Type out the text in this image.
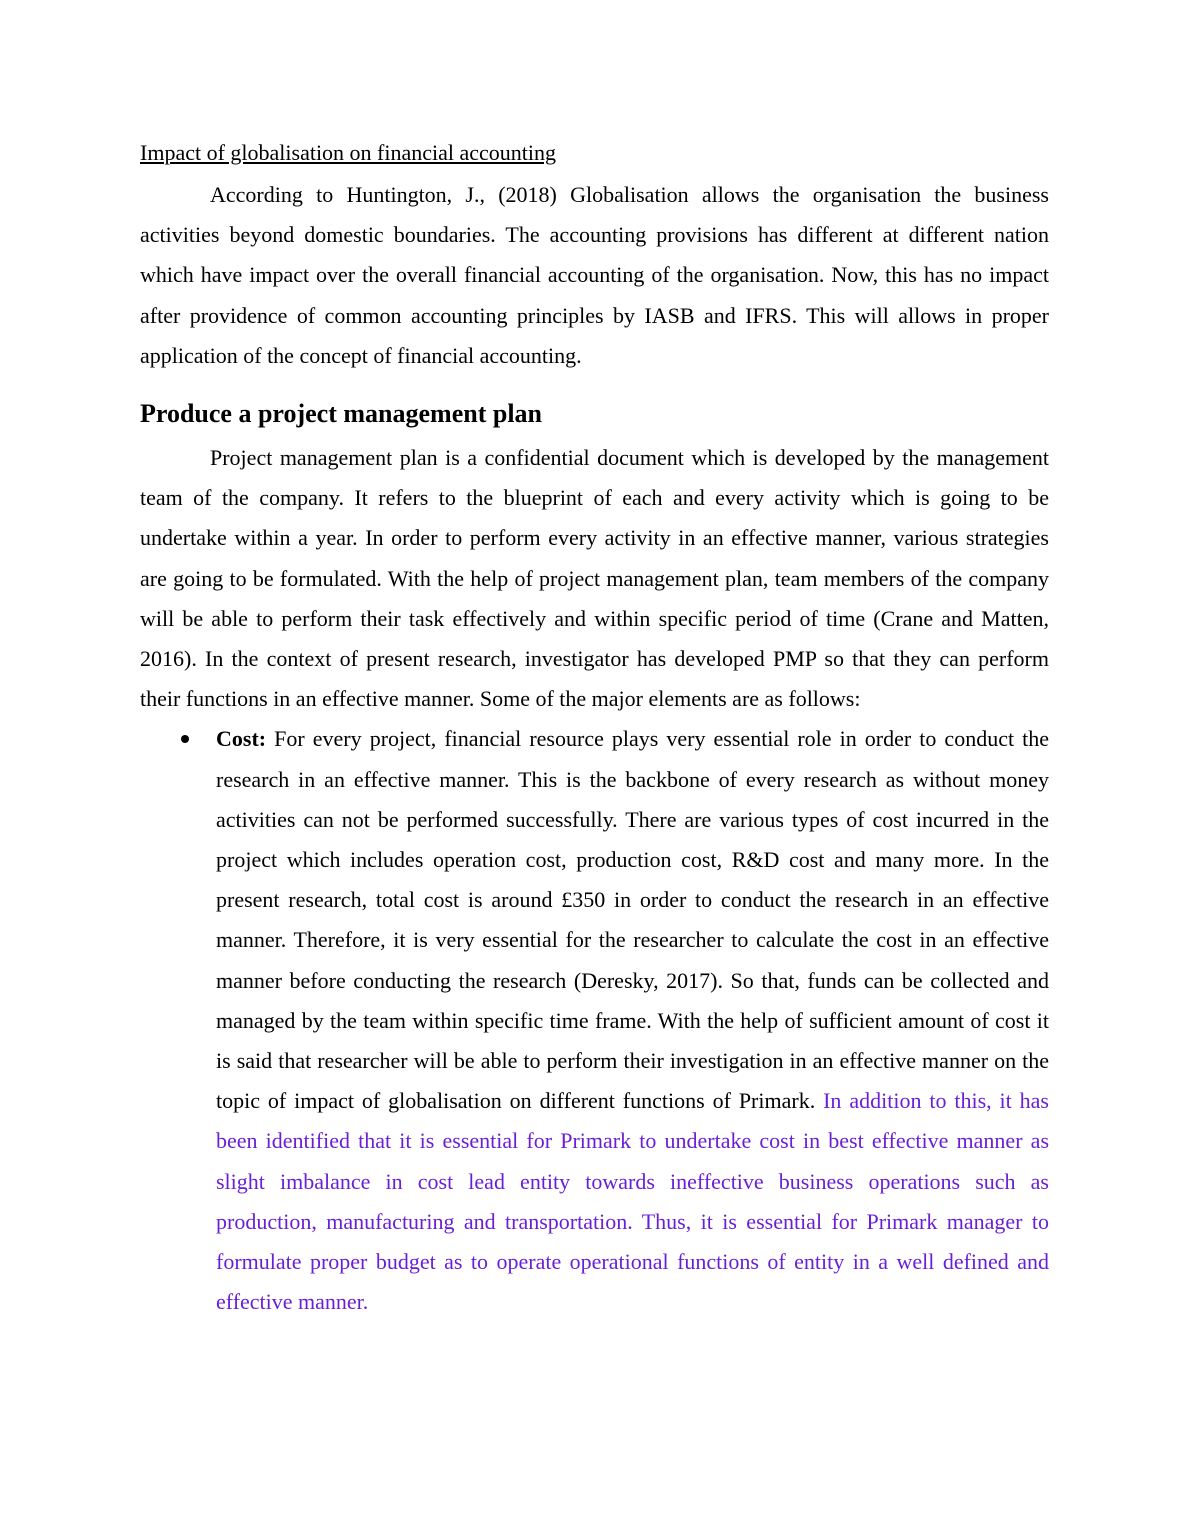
Impact of globalisation on financial accounting

According to Huntington, J., (2018) Globalisation allows the organisation the business activities beyond domestic boundaries. The accounting provisions has different at different nation which have impact over the overall financial accounting of the organisation. Now, this has no impact after providence of common accounting principles by IASB and IFRS. This will allows in proper application of the concept of financial accounting.

Produce a project management plan

Project management plan is a confidential document which is developed by the management team of the company. It refers to the blueprint of each and every activity which is going to be undertake within a year. In order to perform every activity in an effective manner, various strategies are going to be formulated. With the help of project management plan, team members of the company will be able to perform their task effectively and within specific period of time (Crane and Matten, 2016). In the context of present research, investigator has developed PMP so that they can perform their functions in an effective manner. Some of the major elements are as follows:

Cost: For every project, financial resource plays very essential role in order to conduct the research in an effective manner. This is the backbone of every research as without money activities can not be performed successfully. There are various types of cost incurred in the project which includes operation cost, production cost, R&D cost and many more. In the present research, total cost is around £350 in order to conduct the research in an effective manner. Therefore, it is very essential for the researcher to calculate the cost in an effective manner before conducting the research (Deresky, 2017). So that, funds can be collected and managed by the team within specific time frame. With the help of sufficient amount of cost it is said that researcher will be able to perform their investigation in an effective manner on the topic of impact of globalisation on different functions of Primark. In addition to this, it has been identified that it is essential for Primark to undertake cost in best effective manner as slight imbalance in cost lead entity towards ineffective business operations such as production, manufacturing and transportation. Thus, it is essential for Primark manager to formulate proper budget as to operate operational functions of entity in a well defined and effective manner.
